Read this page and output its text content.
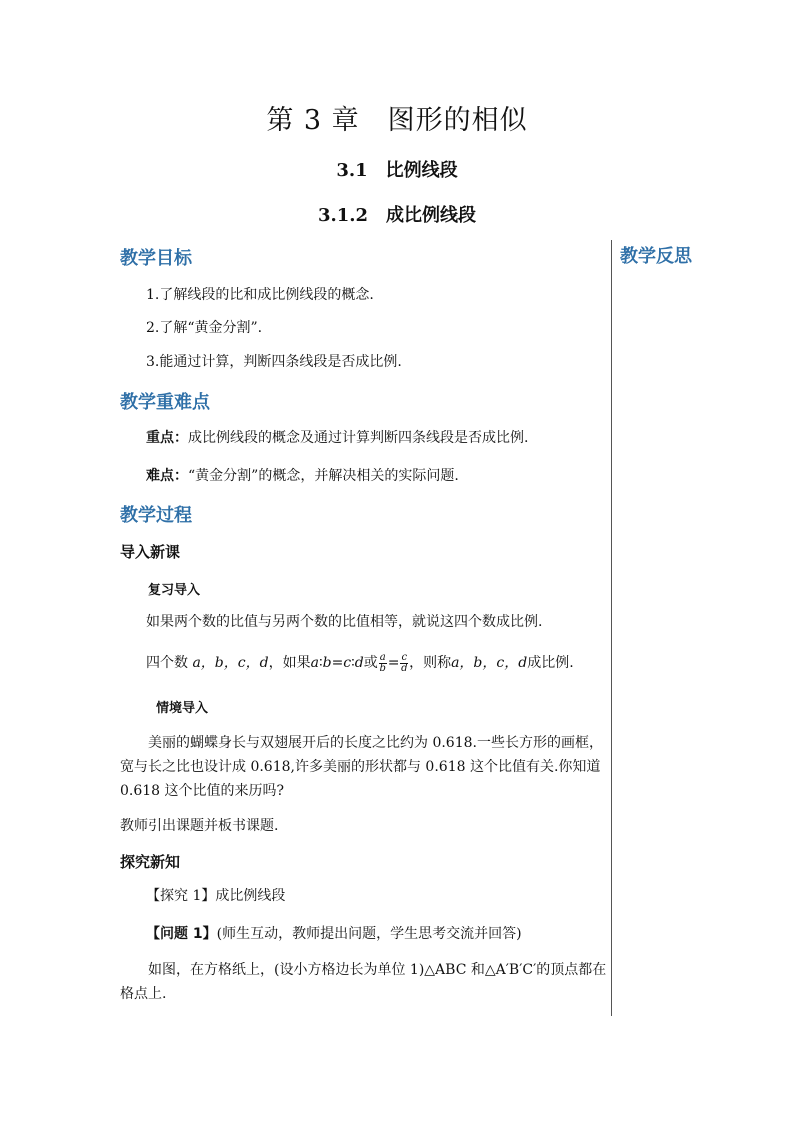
第 3 章　图形的相似
3.1　比例线段
3.1.2　成比例线段
教学反思
教学目标
1.了解线段的比和成比例线段的概念.
2.了解“黄金分割”.
3.能通过计算，判断四条线段是否成比例.
教学重难点
重点：成比例线段的概念及通过计算判断四条线段是否成比例.
难点：“黄金分割”的概念，并解决相关的实际问题.
教学过程
导入新课
复习导入
如果两个数的比值与另两个数的比值相等，就说这四个数成比例.
四个数 a，b，c，d，如果a∶b=c∶d或 $\frac{a}{b} = \frac{c}{d}$ ，则称a，b，c，d成比例.
情境导入
美丽的蝴蝶身长与双翅展开后的长度之比约为 0.618.一些长方形的画框，宽与长之比也设计成 0.618,许多美丽的形状都与 0.618 这个比值有关.你知道 0.618 这个比值的来历吗?
教师引出课题并板书课题.
探究新知
【探究 1】成比例线段
【问题 1】(师生互动，教师提出问题，学生思考交流并回答)
如图，在方格纸上，(设小方格边长为单位 1)△ABC 和△A′B′C′的顶点都在格点上.
